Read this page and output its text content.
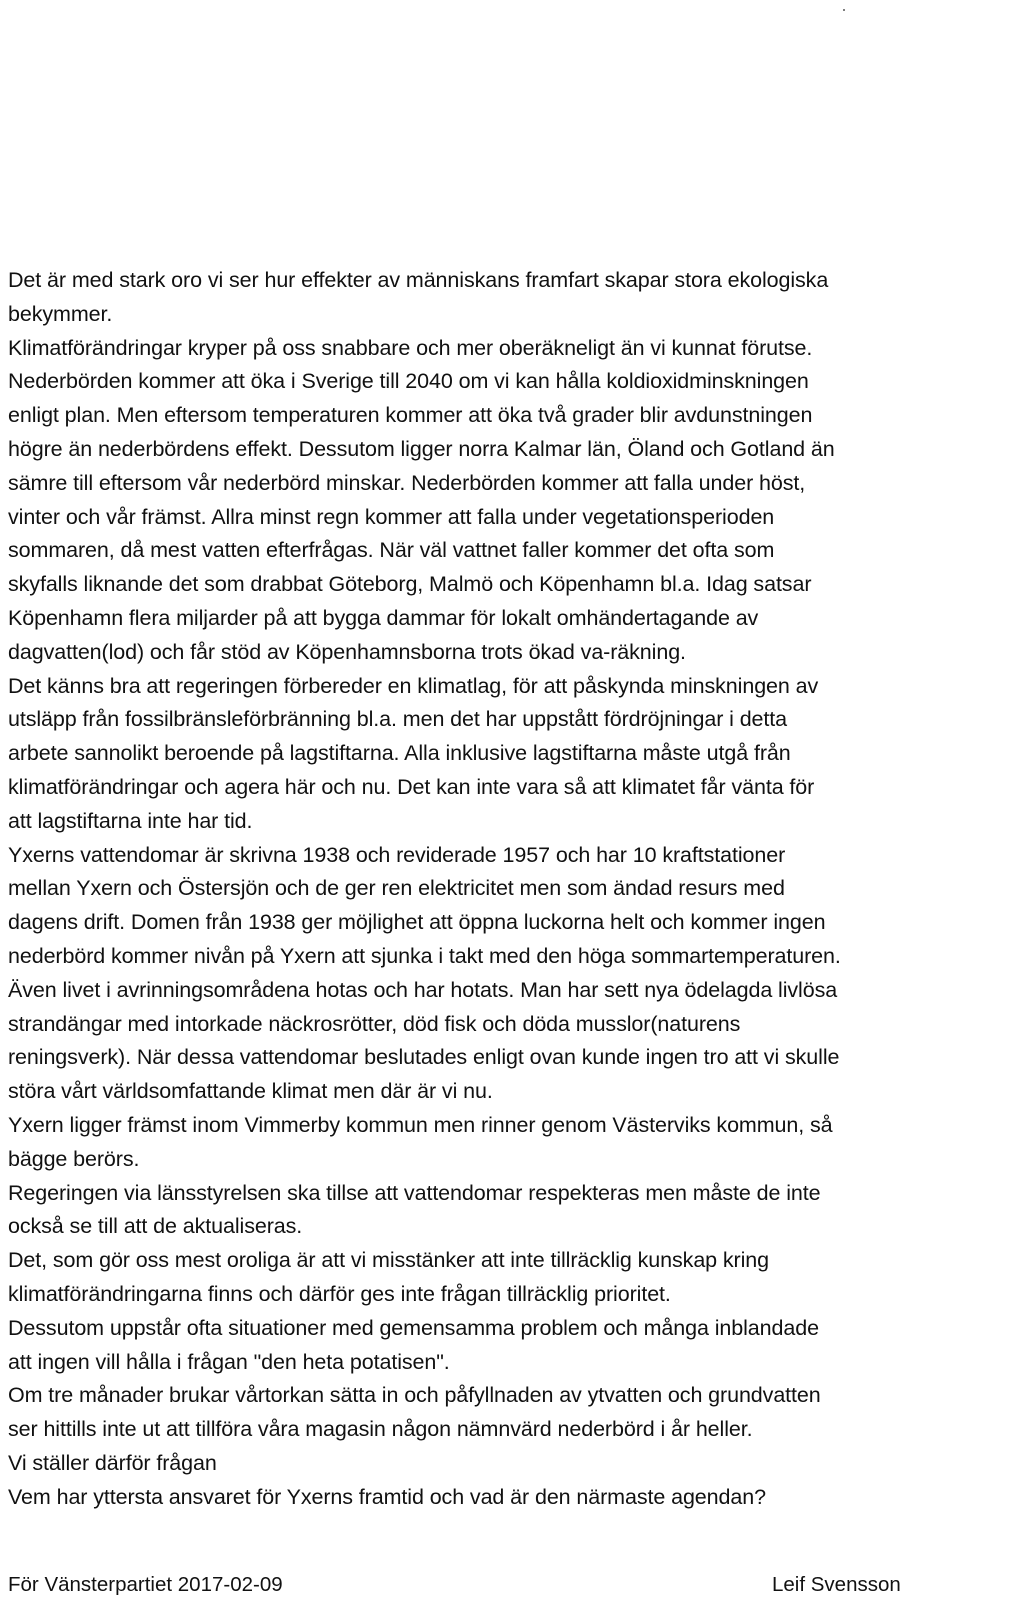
Det är med stark oro vi ser hur effekter av människans framfart skapar stora ekologiska
bekymmer.
Klimatförändringar kryper på oss snabbare och mer oberäkneligt än vi kunnat förutse.
Nederbörden kommer att öka i Sverige till 2040 om vi kan hålla koldioxidminskningen
enligt plan. Men eftersom temperaturen kommer att öka två grader blir avdunstningen
högre än nederbördens effekt. Dessutom ligger norra Kalmar län, Öland och Gotland än
sämre till eftersom vår nederbörd minskar. Nederbörden kommer att falla under höst,
vinter och vår främst. Allra minst regn kommer att falla under vegetationsperioden
sommaren, då mest vatten efterfrågas. När väl vattnet faller kommer det ofta som
skyfalls liknande det som drabbat Göteborg, Malmö och Köpenhamn bl.a. Idag satsar
Köpenhamn flera miljarder på att bygga dammar för lokalt omhändertagande av
dagvatten(lod) och får stöd av Köpenhamnsborna trots ökad va-räkning.
Det känns bra att regeringen förbereder en klimatlag, för att påskynda minskningen av
utsläpp från fossilbränsleförbränning bl.a. men det har uppstått fördröjningar i detta
arbete sannolikt beroende på lagstiftarna. Alla inklusive lagstiftarna måste utgå från
klimatförändringar och agera här och nu. Det kan inte vara så att klimatet får vänta för
att lagstiftarna inte har tid.
Yxerns vattendomar är skrivna 1938 och reviderade 1957 och har 10 kraftstationer
mellan Yxern och Östersjön och de ger ren elektricitet men som ändad resurs med
dagens drift. Domen från 1938 ger möjlighet att öppna luckorna helt och kommer ingen
nederbörd kommer nivån på Yxern att sjunka i takt med den höga sommartemperaturen.
Även livet i avrinningsområdena hotas och har hotats. Man har sett nya ödelagda livlösa
strandängar med intorkade näckrosrötter, död fisk och döda musslor(naturens
reningsverk). När dessa vattendomar beslutades enligt ovan kunde ingen tro att vi skulle
störa vårt världsomfattande klimat men där är vi nu.
Yxern ligger främst inom Vimmerby kommun men rinner genom Västerviks kommun, så
bägge berörs.
Regeringen via länsstyrelsen ska tillse att vattendomar respekteras men måste de inte
också se till att de aktualiseras.
Det, som gör oss mest oroliga är att vi misstänker att inte tillräcklig kunskap kring
klimatförändringarna finns och därför ges inte frågan tillräcklig prioritet.
Dessutom uppstår ofta situationer med gemensamma problem och många inblandade
att ingen vill hålla i frågan "den heta potatisen".
Om tre månader brukar vårtorkan sätta in och påfyllnaden av ytvatten och grundvatten
ser hittills inte ut att tillföra våra magasin någon nämnvärd nederbörd i år heller.
Vi ställer därför frågan
Vem har yttersta ansvaret för Yxerns framtid och vad är den närmaste agendan?
För Vänsterpartiet 2017-02-09	Leif Svensson
